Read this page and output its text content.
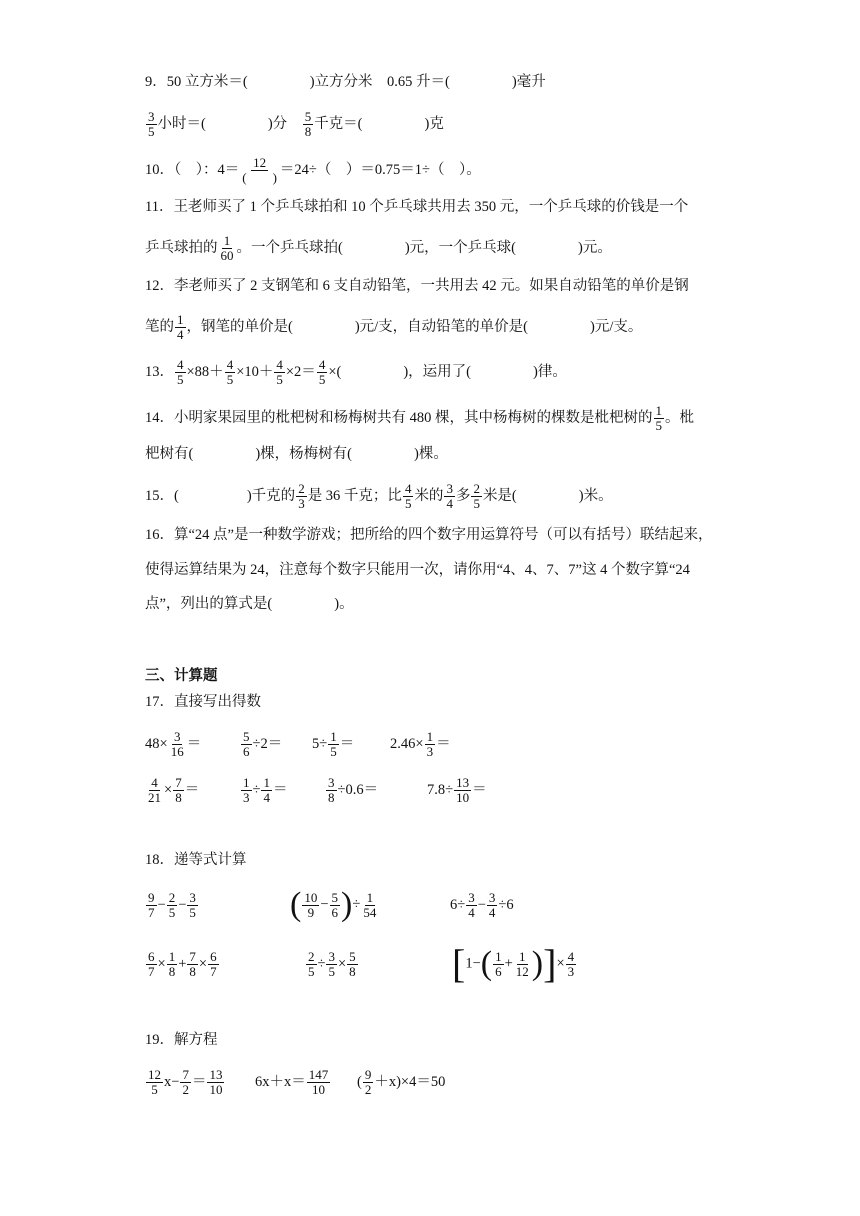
9．50 立方米＝(	)立方分米　0.65 升＝(	)毫升
$\frac{3}{5}$ 小时＝(	)分　 $\frac{5}{8}$ 千克＝(	)克
10．（　）：4＝ 12
(　　) ＝24÷（　）＝0.75＝1÷（　）。
11．王老师买了 1 个乒乓球拍和 10 个乒乓球共用去 350 元，一个乒乓球的价钱是一个
乒乓球拍的 $\frac{1}{60}$ 。一个乒乓球拍(	)元，一个乒乓球(	)元。
12．李老师买了 2 支钢笔和 6 支自动铅笔，一共用去 42 元。如果自动铅笔的单价是钢
笔的 $\frac{1}{4}$ ，钢笔的单价是(	)元/支，自动铅笔的单价是(	)元/支。
13． $\frac{4}{5} \times 88+ \frac{4}{5} \times 10+ \frac{4}{5} \times 2= \frac{4}{5}$ ×(	)，运用了(	)律。
14．小明家果园里的枇杷树和杨梅树共有 480 棵，其中杨梅树的棵数是枇杷树的 $\frac{1}{5}$ 。枇
杷树有(	)棵，杨梅树有(	)棵。
15．(	)千克的 $\frac{2}{3}$ 是 36 千克；比 $\frac{4}{5}$ 米的 $\frac{3}{4}$ 多 $\frac{2}{5}$ 米是(	)米。
16．算“24 点”是一种数学游戏；把所给的四个数字用运算符号（可以有括号）联结起来，
使得运算结果为 24，注意每个数字只能用一次，请你用“4、4、7、7”这 4 个数字算“24
点”，列出的算式是(	)。
三、计算题
17．直接写出得数
$48\times \frac{3}{16}$ ＝	$\frac{5}{6} \div 2= 5\div \frac{1}{5} = 2.46\times \frac{1}{3}$ ＝
$\frac{4}{21} \times \frac{7}{8}$ ＝	$\frac{1}{3} \div \frac{1}{4}$ ＝	$\frac{3}{8} \div 0.6=$	$7.8\div \frac{13}{10}$ ＝
18．递等式计算
$\frac{9}{7} - \frac{2}{5} - \frac{3}{5}$	( $\frac{10}{9} - \frac{5}{6}$ )÷ $\frac{1}{54}$	$6\div \frac{3}{4} - \frac{3}{4} \div 6$
$\frac{6}{7} \times \frac{1}{8} + \frac{7}{8} \times \frac{6}{7}$	$\frac{2}{5} \div \frac{3}{5} \times \frac{5}{8} [1-( \frac{1}{6} + \frac{1}{12}$ )]× $\frac{4}{3}$
19．解方程
$\frac{12}{5} x- \frac{7}{2} = \frac{13}{10} 6x+x= \frac{147}{10}$ ( $\frac{9}{2} +x)\times 4=50$
